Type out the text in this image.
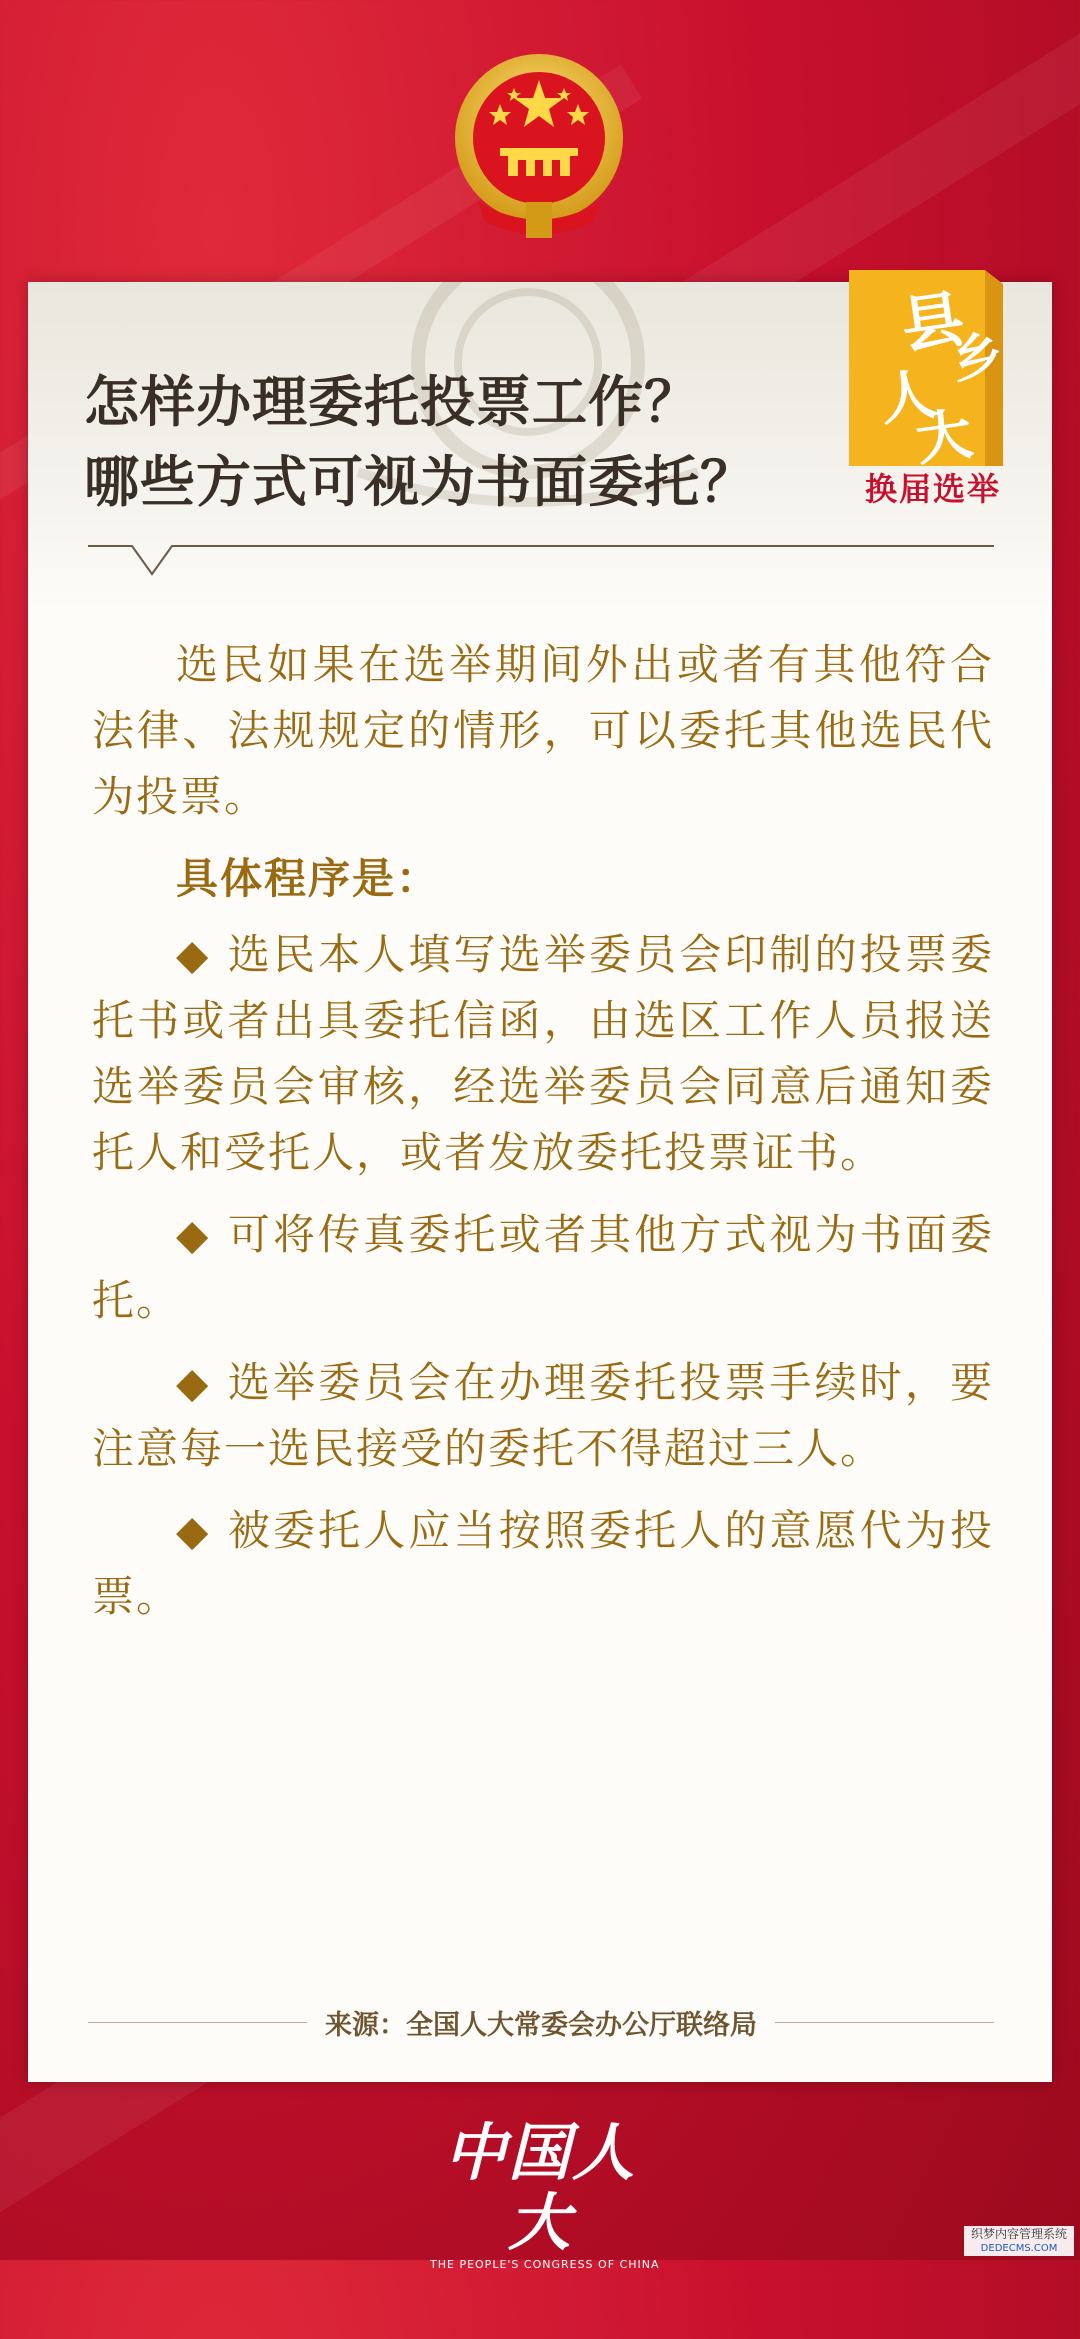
怎样办理委托投票工作？
哪些方式可视为书面委托？
县
乡
人
大
换届选举

选民如果在选举期间外出或者有其他符合法律、法规规定的情形，可以委托其他选民代为投票。

具体程序是：

◆ 选民本人填写选举委员会印制的投票委托书或者出具委托信函，由选区工作人员报送选举委员会审核，经选举委员会同意后通知委托人和受托人，或者发放委托投票证书。

◆ 可将传真委托或者其他方式视为书面委托。

◆ 选举委员会在办理委托投票手续时，要注意每一选民接受的委托不得超过三人。

◆ 被委托人应当按照委托人的意愿代为投票。

来源：全国人大常委会办公厅联络局
中国人大
THE PEOPLE'S CONGRESS OF CHINA
织梦内容管理系统
DEDECMS.COM
